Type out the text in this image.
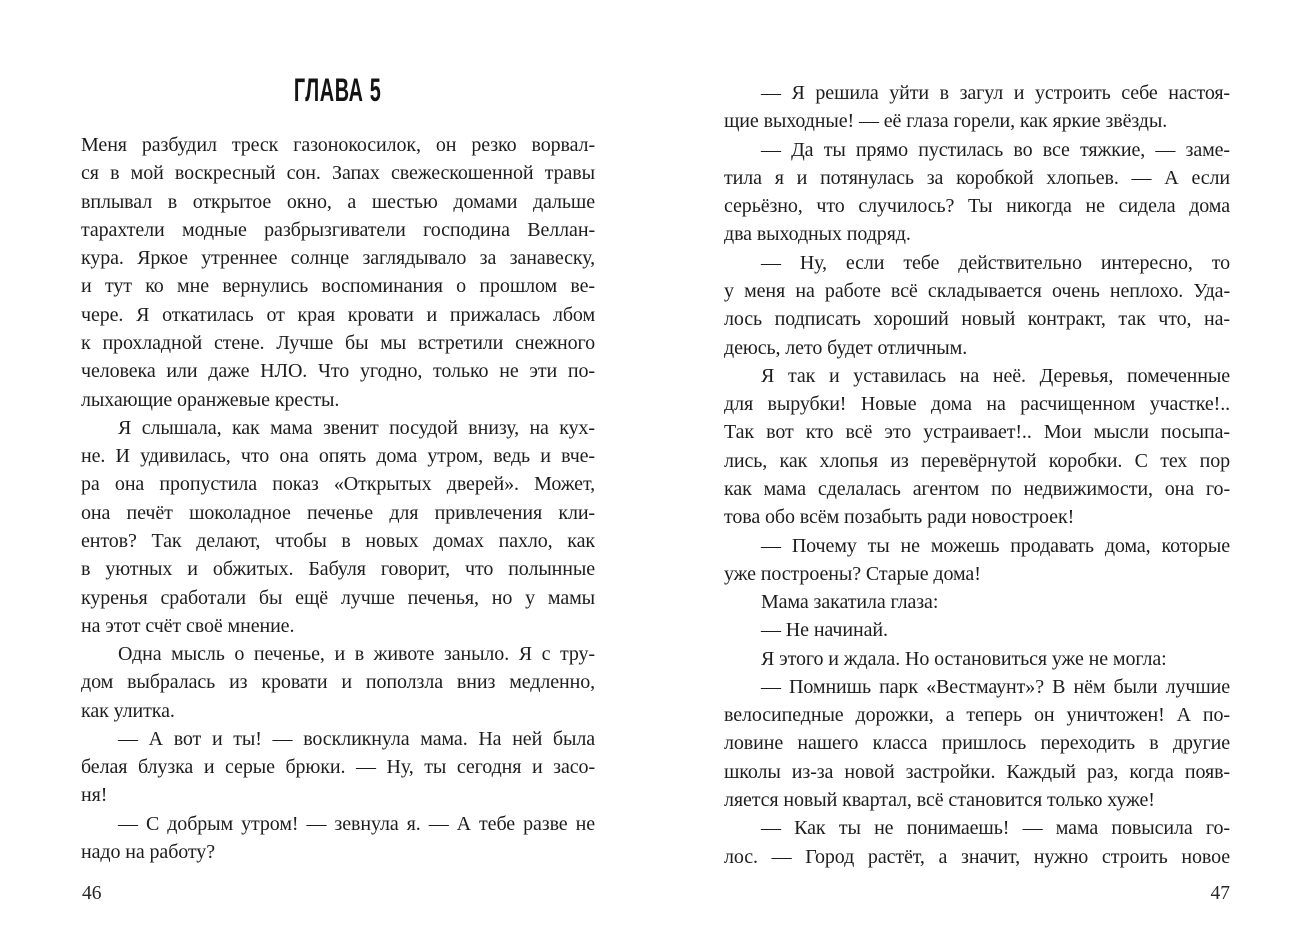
ГЛАВА 5
Меня разбудил треск газонокосилок, он резко ворвал-
ся в мой воскресный сон. Запах свежескошенной травы
вплывал в открытое окно, а шестью домами дальше
тарахтели модные разбрызгиватели господина Веллан-
кура. Яркое утреннее солнце заглядывало за занавеску,
и тут ко мне вернулись воспоминания о прошлом ве-
чере. Я откатилась от края кровати и прижалась лбом
к прохладной стене. Лучше бы мы встретили снежного
человека или даже НЛО. Что угодно, только не эти по-
лыхающие оранжевые кресты.
Я слышала, как мама звенит посудой внизу, на кух-
не. И удивилась, что она опять дома утром, ведь и вче-
ра она пропустила показ «Открытых дверей». Может,
она печёт шоколадное печенье для привлечения кли-
ентов? Так делают, чтобы в новых домах пахло, как
в уютных и обжитых. Бабуля говорит, что полынные
куренья сработали бы ещё лучше печенья, но у мамы
на этот счёт своё мнение.
Одна мысль о печенье, и в животе заныло. Я с тру-
дом выбралась из кровати и поползла вниз медленно,
как улитка.
— А вот и ты! — воскликнула мама. На ней была
белая блузка и серые брюки. — Ну, ты сегодня и засо-
ня!
— С добрым утром! — зевнула я. — А тебе разве не
надо на работу?
— Я решила уйти в загул и устроить себе настоя-
щие выходные! — её глаза горели, как яркие звёзды.
— Да ты прямо пустилась во все тяжкие, — заме-
тила я и потянулась за коробкой хлопьев. — А если
серьёзно, что случилось? Ты никогда не сидела дома
два выходных подряд.
— Ну, если тебе действительно интересно, то
у меня на работе всё складывается очень неплохо. Уда-
лось подписать хороший новый контракт, так что, на-
деюсь, лето будет отличным.
Я так и уставилась на неё. Деревья, помеченные
для вырубки! Новые дома на расчищенном участке!..
Так вот кто всё это устраивает!.. Мои мысли посыпа-
лись, как хлопья из перевёрнутой коробки. С тех пор
как мама сделалась агентом по недвижимости, она го-
това обо всём позабыть ради новостроек!
— Почему ты не можешь продавать дома, которые
уже построены? Старые дома!
Мама закатила глаза:
— Не начинай.
Я этого и ждала. Но остановиться уже не могла:
— Помнишь парк «Вестмаунт»? В нём были лучшие
велосипедные дорожки, а теперь он уничтожен! А по-
ловине нашего класса пришлось переходить в другие
школы из-за новой застройки. Каждый раз, когда появ-
ляется новый квартал, всё становится только хуже!
— Как ты не понимаешь! — мама повысила го-
лос. — Город растёт, а значит, нужно строить новое
46	47
